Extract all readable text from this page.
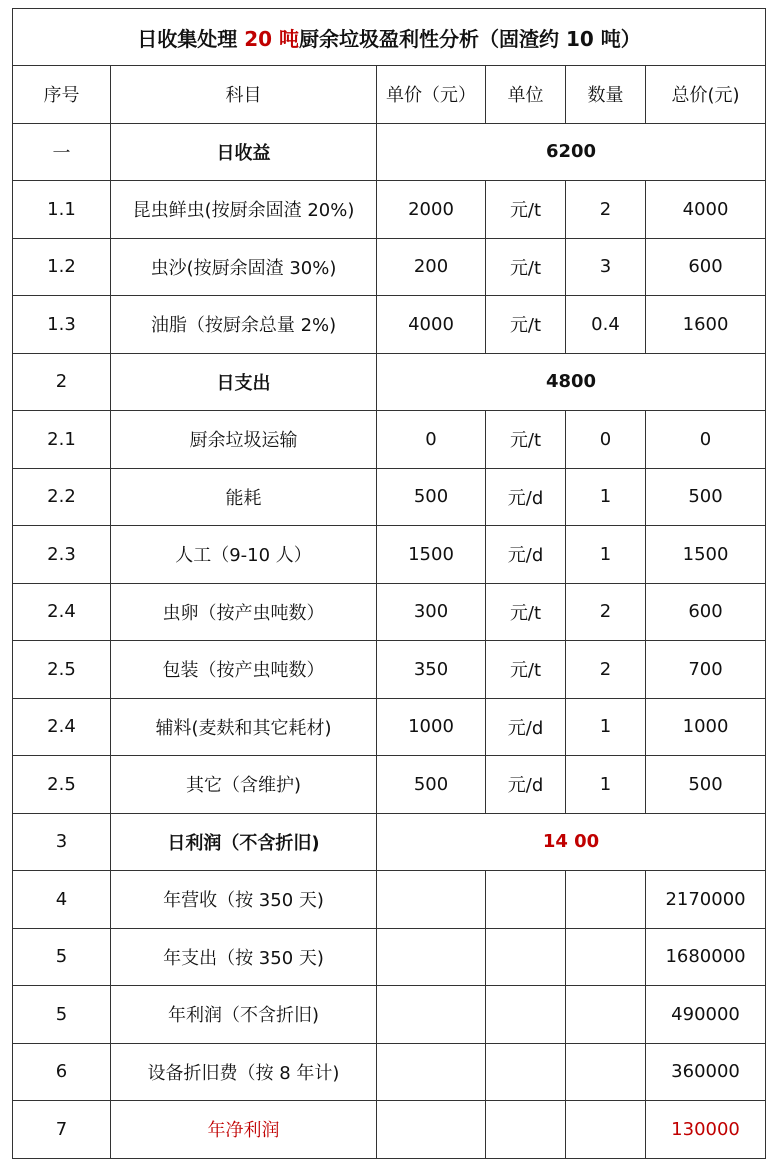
日收集处理 20 吨厨余垃圾盈利性分析（固渣约 10 吨）					
序号	科目	单价（元）	单位	数量	总价(元)
一	日收益	6200			
1.1	昆虫鲜虫(按厨余固渣 20%)	2000	元/t	2	4000
1.2	虫沙(按厨余固渣 30%)	200	元/t	3	600
1.3	油脂（按厨余总量 2%)	4000	元/t	0.4	1600
2	日支出	4800			
2.1	厨余垃圾运输	0	元/t	0	0
2.2	能耗	500	元/d	1	500
2.3	人工（9-10 人）	1500	元/d	1	1500
2.4	虫卵（按产虫吨数）	300	元/t	2	600
2.5	包装（按产虫吨数）	350	元/t	2	700
2.4	辅料(麦麸和其它耗材)	1000	元/d	1	1000
2.5	其它（含维护)	500	元/d	1	500
3	日利润（不含折旧)	14 00			
4	年营收（按 350 天)				2170000
5	年支出（按 350 天)				1680000
5	年利润（不含折旧)				490000
6	设备折旧费（按 8 年计)				360000
7	年净利润				130000
